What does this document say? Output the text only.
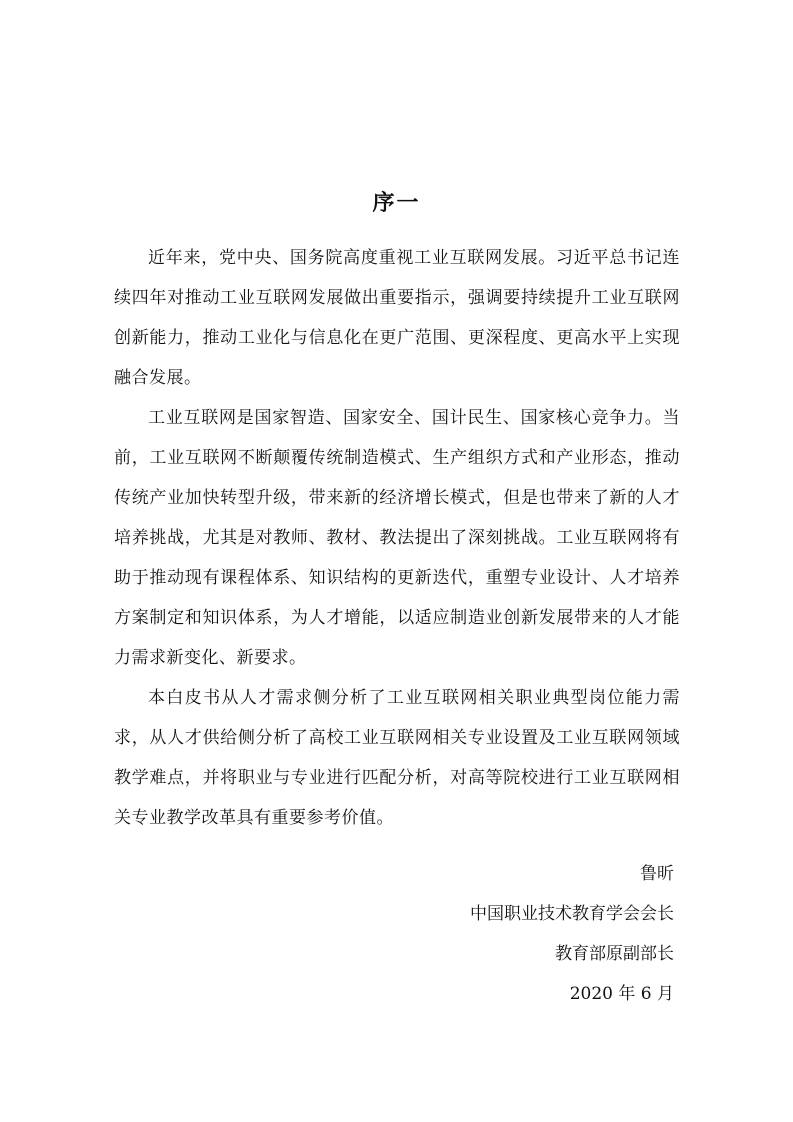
序一

近年来，党中央、国务院高度重视工业互联网发展。习近平总书记连续四年对推动工业互联网发展做出重要指示，强调要持续提升工业互联网创新能力，推动工业化与信息化在更广范围、更深程度、更高水平上实现融合发展。

工业互联网是国家智造、国家安全、国计民生、国家核心竞争力。当前，工业互联网不断颠覆传统制造模式、生产组织方式和产业形态，推动传统产业加快转型升级，带来新的经济增长模式，但是也带来了新的人才培养挑战，尤其是对教师、教材、教法提出了深刻挑战。工业互联网将有助于推动现有课程体系、知识结构的更新迭代，重塑专业设计、人才培养方案制定和知识体系，为人才增能，以适应制造业创新发展带来的人才能力需求新变化、新要求。

本白皮书从人才需求侧分析了工业互联网相关职业典型岗位能力需求，从人才供给侧分析了高校工业互联网相关专业设置及工业互联网领域教学难点，并将职业与专业进行匹配分析，对高等院校进行工业互联网相关专业教学改革具有重要参考价值。

鲁昕

中国职业技术教育学会会长

教育部原副部长

2020 年 6 月
